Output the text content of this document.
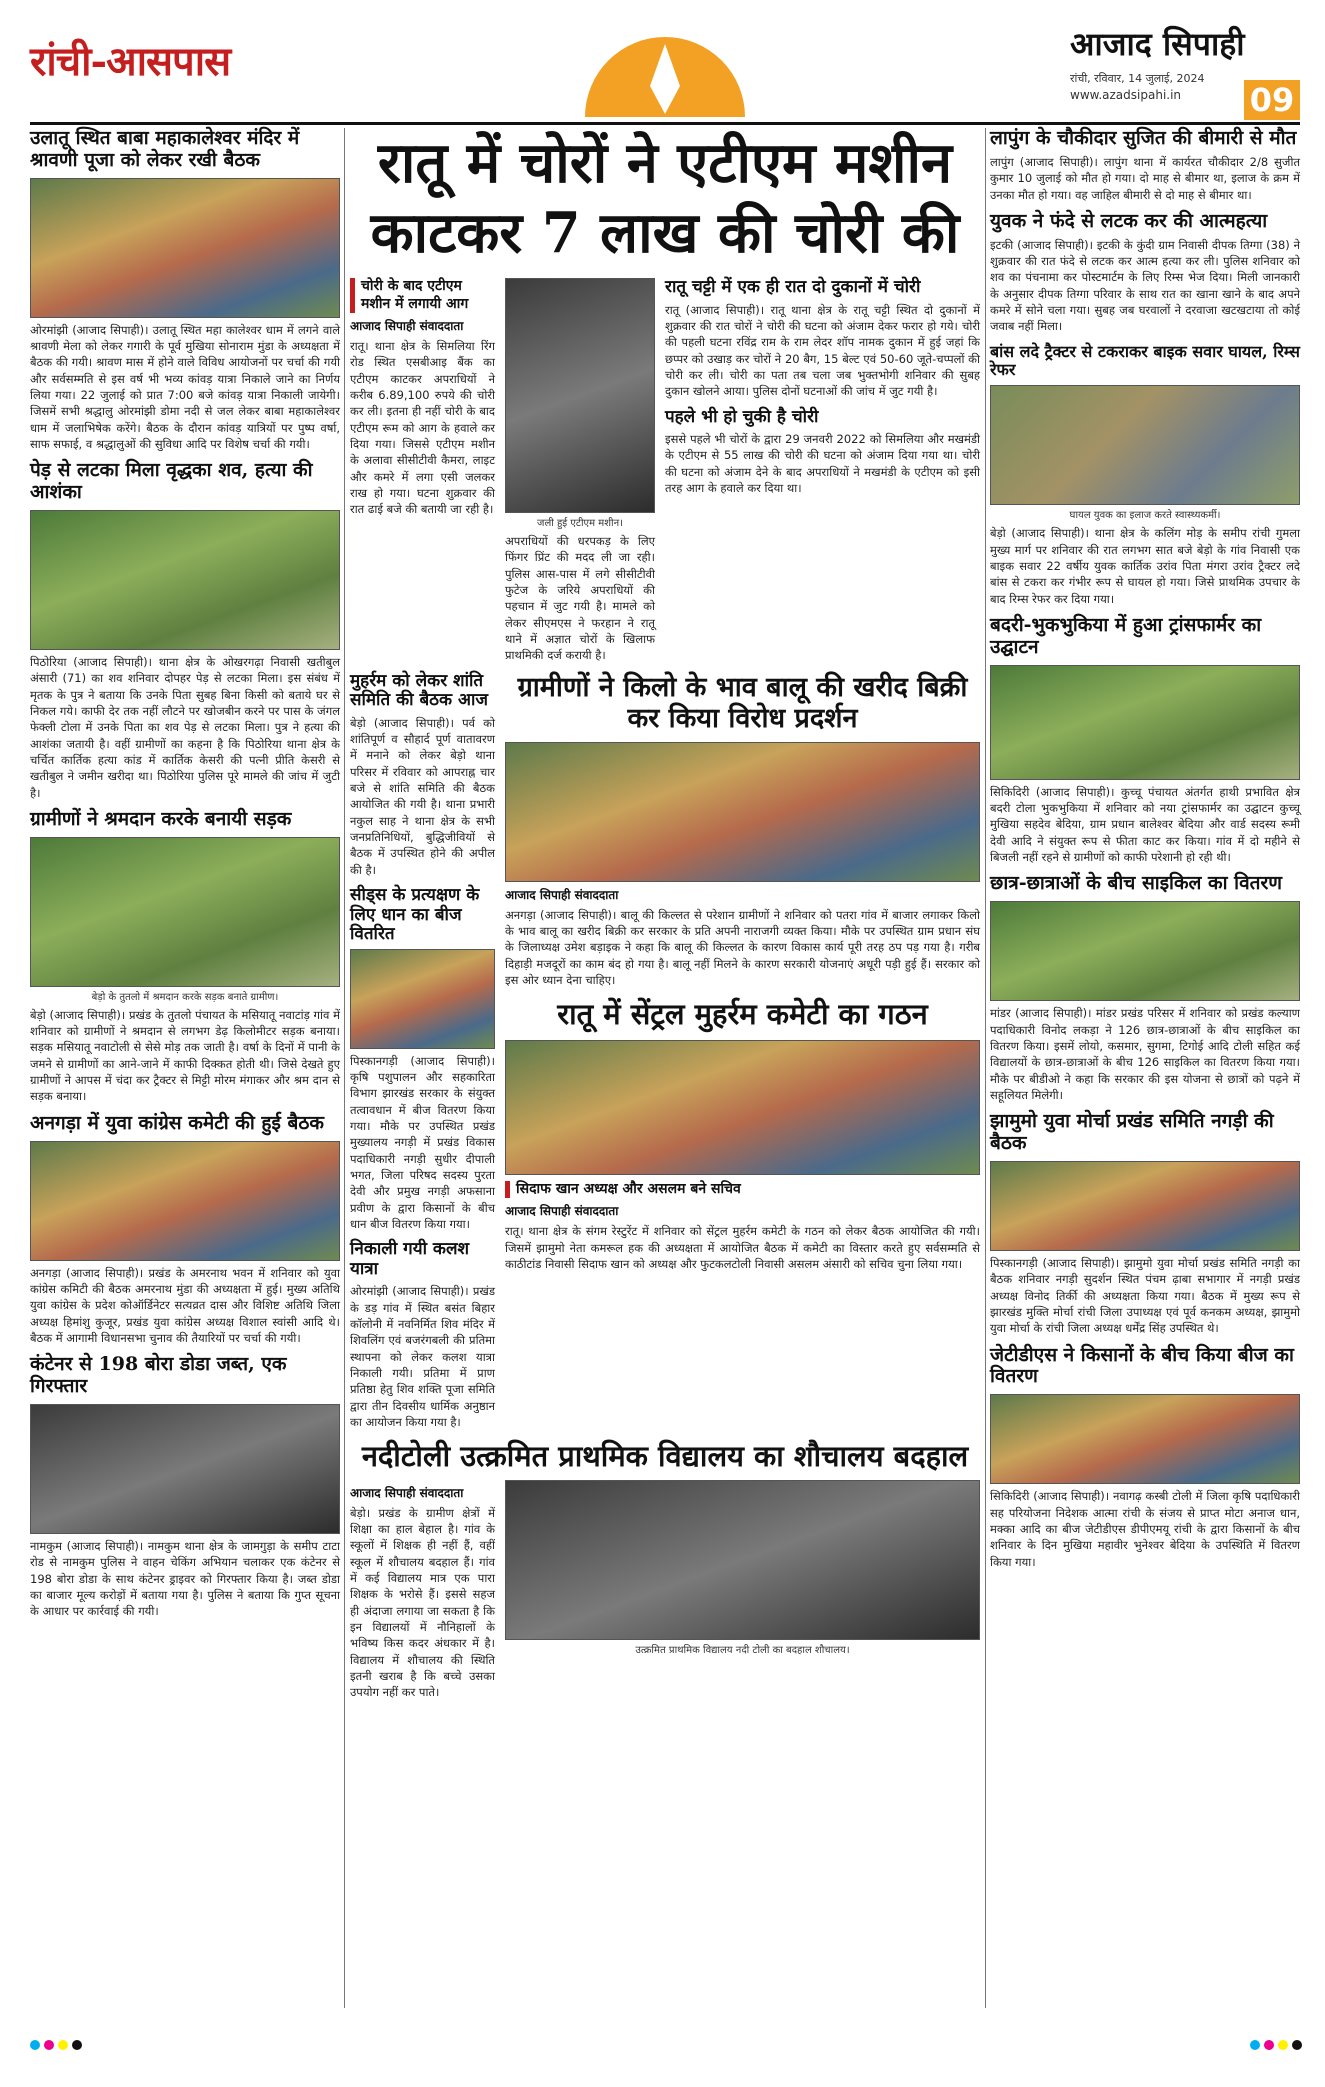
रांची-आसपास	आजाद सिपाही
रांची, रविवार, 14 जुलाई, 2024
www.azadsipahi.in	09
उलातू स्थित बाबा महाकालेश्वर मंदिर में श्रावणी पूजा को लेकर रखी बैठक
ओरमांझी (आजाद सिपाही)। उलातू स्थित महा कालेश्वर धाम में लगने वाले श्रावणी मेला को लेकर गगारी के पूर्व मुखिया सोनाराम मुंडा के अध्यक्षता में बैठक की गयी। श्रावण मास में होने वाले विविध आयोजनों पर चर्चा की गयी और सर्वसम्मति से इस वर्ष भी भव्य कांवड़ यात्रा निकाले जाने का निर्णय लिया गया। 22 जुलाई को प्रात 7:00 बजे कांवड़ यात्रा निकाली जायेगी। जिसमें सभी श्रद्धालु ओरमांझी डोमा नदी से जल लेकर बाबा महाकालेश्वर धाम में जलाभिषेक करेंगे। बैठक के दौरान कांवड़ यात्रियों पर पुष्प वर्षा, साफ सफाई, व श्रद्धालुओं की सुविधा आदि पर विशेष चर्चा की गयी।
पेड़ से लटका मिला वृद्धका शव, हत्या की आशंका
पिठोरिया (आजाद सिपाही)। थाना क्षेत्र के ओखरगढ़ा निवासी खतीबुल अंसारी (71) का शव शनिवार दोपहर पेड़ से लटका मिला। इस संबंध में मृतक के पुत्र ने बताया कि उनके पिता सुबह बिना किसी को बताये घर से निकल गये। काफी देर तक नहीं लौटने पर खोजबीन करने पर पास के जंगल फेक्ली टोला में उनके पिता का शव पेड़ से लटका मिला। पुत्र ने हत्या की आशंका जतायी है। वहीं ग्रामीणों का कहना है कि पिठोरिया थाना क्षेत्र के चर्चित कार्तिक हत्या कांड में कार्तिक केसरी की पत्नी प्रीति केसरी से खतीबुल ने जमीन खरीदा था। पिठोरिया पुलिस पूरे मामले की जांच में जुटी है।
ग्रामीणों ने श्रमदान करके बनायी सड़क
बेड़ो के तुतलो में श्रमदान करके सड़क बनाते ग्रामीण।
बेड़ो (आजाद सिपाही)। प्रखंड के तुतलो पंचायत के मसियातू नवाटांड़ गांव में शनिवार को ग्रामीणों ने श्रमदान से लगभग डेढ़ किलोमीटर सड़क बनाया। सड़क मसियातू नवाटोली से सेसे मोड़ तक जाती है। वर्षा के दिनों में पानी के जमने से ग्रामीणों का आने-जाने में काफी दिक्कत होती थी। जिसे देखते हुए ग्रामीणों ने आपस में चंदा कर ट्रैक्टर से मिट्टी मोरम मंगाकर और श्रम दान से सड़क बनाया।
अनगड़ा में युवा कांग्रेस कमेटी की हुई बैठक
अनगड़ा (आजाद सिपाही)। प्रखंड के अमरनाथ भवन में शनिवार को युवा कांग्रेस कमिटी की बैठक अमरनाथ मुंडा की अध्यक्षता में हुई। मुख्य अतिथि युवा कांग्रेस के प्रदेश कोऑर्डिनेटर सत्यव्रत दास और विशिष्ट अतिथि जिला अध्यक्ष हिमांशु कुजूर, प्रखंड युवा कांग्रेस अध्यक्ष विशाल स्वांसी आदि थे। बैठक में आगामी विधानसभा चुनाव की तैयारियों पर चर्चा की गयी।
कंटेनर से 198 बोरा डोडा जब्त, एक गिरफ्तार
नामकुम (आजाद सिपाही)। नामकुम थाना क्षेत्र के जामगुड़ा के समीप टाटा रोड से नामकुम पुलिस ने वाहन चेकिंग अभियान चलाकर एक कंटेनर से 198 बोरा डोडा के साथ कंटेनर ड्राइवर को गिरफ्तार किया है। जब्त डोडा का बाजार मूल्य करोड़ों में बताया गया है। पुलिस ने बताया कि गुप्त सूचना के आधार पर कार्रवाई की गयी।
रातू में चोरों ने एटीएम मशीन काटकर 7 लाख की चोरी की
चोरी के बाद एटीएम मशीन में लगायी आग
आजाद सिपाही संवाददाता
रातू। थाना क्षेत्र के सिमलिया रिंग रोड स्थित एसबीआइ बैंक का एटीएम काटकर अपराधियों ने करीब 6.89,100 रुपये की चोरी कर ली। इतना ही नहीं चोरी के बाद एटीएम रूम को आग के हवाले कर दिया गया। जिससे एटीएम मशीन के अलावा सीसीटीवी कैमरा, लाइट और कमरे में लगा एसी जलकर राख हो गया। घटना शुक्रवार की रात ढाई बजे की बतायी जा रही है।
जली हुई एटीएम मशीन।
अपराधियों की धरपकड़ के लिए फिंगर प्रिंट की मदद ली जा रही। पुलिस आस-पास में लगे सीसीटीवी फुटेज के जरिये अपराधियों की पहचान में जुट गयी है। मामले को लेकर सीएमएस ने फरहान ने रातू थाने में अज्ञात चोरों के खिलाफ प्राथमिकी दर्ज करायी है।
रातू चट्टी में एक ही रात दो दुकानों में चोरी
रातू (आजाद सिपाही)। रातू थाना क्षेत्र के रातू चट्टी स्थित दो दुकानों में शुक्रवार की रात चोरों ने चोरी की घटना को अंजाम देकर फरार हो गये। चोरी की पहली घटना रविंद्र राम के राम लेदर शॉप नामक दुकान में हुई जहां कि छप्पर को उखाड़ कर चोरों ने 20 बैग, 15 बेल्ट एवं 50-60 जूते-चप्पलों की चोरी कर ली। चोरी का पता तब चला जब भुक्तभोगी शनिवार की सुबह दुकान खोलने आया। पुलिस दोनों घटनाओं की जांच में जुट गयी है।
पहले भी हो चुकी है चोरी
इससे पहले भी चोरों के द्वारा 29 जनवरी 2022 को सिमलिया और मखमंडी के एटीएम से 55 लाख की चोरी की घटना को अंजाम दिया गया था। चोरी की घटना को अंजाम देने के बाद अपराधियों ने मखमंडी के एटीएम को इसी तरह आग के हवाले कर दिया था।
मुहर्रम को लेकर शांति समिति की बैठक आज
बेड़ो (आजाद सिपाही)। पर्व को शांतिपूर्ण व सौहार्द पूर्ण वातावरण में मनाने को लेकर बेड़ो थाना परिसर में रविवार को आपराह्न चार बजे से शांति समिति की बैठक आयोजित की गयी है। थाना प्रभारी नकुल साह ने थाना क्षेत्र के सभी जनप्रतिनिधियों, बुद्धिजीवियों से बैठक में उपस्थित होने की अपील की है।
सीड्स के प्रत्यक्षण के लिए धान का बीज वितरित
पिस्कानगड़ी (आजाद सिपाही)। कृषि पशुपालन और सहकारिता विभाग झारखंड सरकार के संयुक्त तत्वावधान में बीज वितरण किया गया। मौके पर उपस्थित प्रखंड मुख्यालय नगड़ी में प्रखंड विकास पदाधिकारी नगड़ी सुधीर दीपाली भगत, जिला परिषद सदस्य पुरता देवी और प्रमुख नगड़ी अफसाना प्रवीण के द्वारा किसानों के बीच धान बीज वितरण किया गया।
निकाली गयी कलश यात्रा
ओरमांझी (आजाद सिपाही)। प्रखंड के डड़ गांव में स्थित बसंत बिहार कॉलोनी में नवनिर्मित शिव मंदिर में शिवलिंग एवं बजरंगबली की प्रतिमा स्थापना को लेकर कलश यात्रा निकाली गयी। प्रतिमा में प्राण प्रतिष्ठा हेतु शिव शक्ति पूजा समिति द्वारा तीन दिवसीय धार्मिक अनुष्ठान का आयोजन किया गया है।
ग्रामीणों ने किलो के भाव बालू की खरीद बिक्री कर किया विरोध प्रदर्शन
आजाद सिपाही संवाददाता
अनगड़ा (आजाद सिपाही)। बालू की किल्लत से परेशान ग्रामीणों ने शनिवार को पतरा गांव में बाजार लगाकर किलो के भाव बालू का खरीद बिक्री कर सरकार के प्रति अपनी नाराजगी व्यक्त किया। मौके पर उपस्थित ग्राम प्रधान संघ के जिलाध्यक्ष उमेश बड़ाइक ने कहा कि बालू की किल्लत के कारण विकास कार्य पूरी तरह ठप पड़ गया है। गरीब दिहाड़ी मजदूरों का काम बंद हो गया है। बालू नहीं मिलने के कारण सरकारी योजनाएं अधूरी पड़ी हुई हैं। सरकार को इस ओर ध्यान देना चाहिए।
रातू में सेंट्रल मुहर्रम कमेटी का गठन
सिदाफ खान अध्यक्ष और असलम बने सचिव
आजाद सिपाही संवाददाता
रातू। थाना क्षेत्र के संगम रेस्टुरेंट में शनिवार को सेंट्रल मुहर्रम कमेटी के गठन को लेकर बैठक आयोजित की गयी। जिसमें झामुमो नेता कमरूल हक की अध्यक्षता में आयोजित बैठक में कमेटी का विस्तार करते हुए सर्वसम्मति से काठीटांड निवासी सिदाफ खान को अध्यक्ष और फुटकलटोली निवासी असलम अंसारी को सचिव चुना लिया गया।
नदीटोली उत्क्रमित प्राथमिक विद्यालय का शौचालय बदहाल
आजाद सिपाही संवाददाता
बेड़ो। प्रखंड के ग्रामीण क्षेत्रों में शिक्षा का हाल बेहाल है। गांव के स्कूलों में शिक्षक ही नहीं हैं, वहीं स्कूल में शौचालय बदहाल हैं। गांव में कई विद्यालय मात्र एक पारा शिक्षक के भरोसे हैं। इससे सहज ही अंदाजा लगाया जा सकता है कि इन विद्यालयों में नौनिहालों के भविष्य किस कदर अंधकार में है। विद्यालय में शौचालय की स्थिति इतनी खराब है कि बच्चे उसका उपयोग नहीं कर पाते।
उत्क्रमित प्राथमिक विद्यालय नदी टोली का बदहाल शौचालय।
लापुंग के चौकीदार सुजित की बीमारी से मौत
लापुंग (आजाद सिपाही)। लापुंग थाना में कार्यरत चौकीदार 2/8 सुजीत कुमार 10 जुलाई को मौत हो गया। दो माह से बीमार था, इलाज के क्रम में उनका मौत हो गया। वह जाहिल बीमारी से दो माह से बीमार था।
युवक ने फंदे से लटक कर की आत्महत्या
इटकी (आजाद सिपाही)। इटकी के कुंदी ग्राम निवासी दीपक तिग्गा (38) ने शुक्रवार की रात फंदे से लटक कर आत्म हत्या कर ली। पुलिस शनिवार को शव का पंचनामा कर पोस्टमार्टम के लिए रिम्स भेज दिया। मिली जानकारी के अनुसार दीपक तिग्गा परिवार के साथ रात का खाना खाने के बाद अपने कमरे में सोने चला गया। सुबह जब घरवालों ने दरवाजा खटखटाया तो कोई जवाब नहीं मिला।
बांस लदे ट्रैक्टर से टकराकर बाइक सवार घायल, रिम्स रेफर
घायल युवक का इलाज करते स्वास्थ्यकर्मी।
बेड़ो (आजाद सिपाही)। थाना क्षेत्र के कलिंग मोड़ के समीप रांची गुमला मुख्य मार्ग पर शनिवार की रात लगभग सात बजे बेड़ो के गांव निवासी एक बाइक सवार 22 वर्षीय युवक कार्तिक उरांव पिता मंगरा उरांव ट्रैक्टर लदे बांस से टकरा कर गंभीर रूप से घायल हो गया। जिसे प्राथमिक उपचार के बाद रिम्स रेफर कर दिया गया।
बदरी-भुकभुकिया में हुआ ट्रांसफार्मर का उद्घाटन
सिकिदिरी (आजाद सिपाही)। कुच्चू पंचायत अंतर्गत हाथी प्रभावित क्षेत्र बदरी टोला भुकभुकिया में शनिवार को नया ट्रांसफार्मर का उद्घाटन कुच्चू मुखिया सहदेव बेदिया, ग्राम प्रधान बालेश्वर बेदिया और वार्ड सदस्य रूमी देवी आदि ने संयुक्त रूप से फीता काट कर किया। गांव में दो महीने से बिजली नहीं रहने से ग्रामीणों को काफी परेशानी हो रही थी।
छात्र-छात्राओं के बीच साइकिल का वितरण
मांडर (आजाद सिपाही)। मांडर प्रखंड परिसर में शनिवार को प्रखंड कल्याण पदाधिकारी विनोद लकड़ा ने 126 छात्र-छात्राओं के बीच साइकिल का वितरण किया। इसमें लोयो, कसमार, सुगमा, टिगोई आदि टोली सहित कई विद्यालयों के छात्र-छात्राओं के बीच 126 साइकिल का वितरण किया गया। मौके पर बीडीओ ने कहा कि सरकार की इस योजना से छात्रों को पढ़ने में सहूलियत मिलेगी।
झामुमो युवा मोर्चा प्रखंड समिति नगड़ी की बैठक
पिस्कानगड़ी (आजाद सिपाही)। झामुमो युवा मोर्चा प्रखंड समिति नगड़ी का बैठक शनिवार नगड़ी सुदर्शन स्थित पंचम ढ़ाबा सभागार में नगड़ी प्रखंड अध्यक्ष विनोद तिर्की की अध्यक्षता किया गया। बैठक में मुख्य रूप से झारखंड मुक्ति मोर्चा रांची जिला उपाध्यक्ष एवं पूर्व कनकम अध्यक्ष, झामुमो युवा मोर्चा के रांची जिला अध्यक्ष धर्मेंद्र सिंह उपस्थित थे।
जेटीडीएस ने किसानों के बीच किया बीज का वितरण
सिकिदिरी (आजाद सिपाही)। नवागढ़ कस्बी टोली में जिला कृषि पदाधिकारी सह परियोजना निदेशक आत्मा रांची के संजय से प्राप्त मोटा अनाज धान, मक्का आदि का बीज जेटीडीएस डीपीएमयू रांची के द्वारा किसानों के बीच शनिवार के दिन मुखिया महावीर भुनेश्वर बेदिया के उपस्थिति में वितरण किया गया।
